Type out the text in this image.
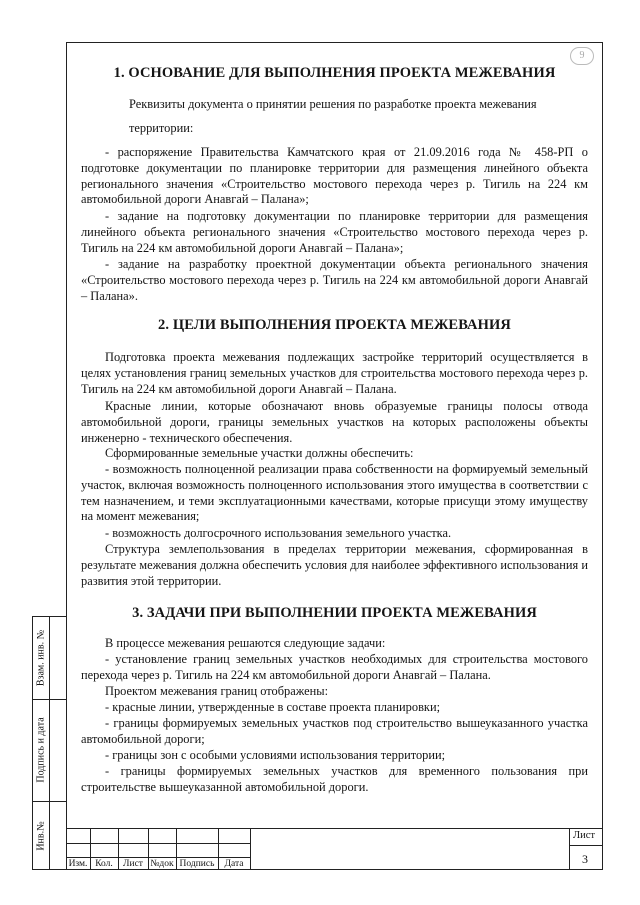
9
1. ОСНОВАНИЕ ДЛЯ ВЫПОЛНЕНИЯ ПРОЕКТА МЕЖЕВАНИЯ

Реквизиты документа о принятии решения по разработке проекта межевания

территории:

- распоряжение Правительства Камчатского края от 21.09.2016 года № 458-РП о подготовке документации по планировке территории для размещения линейного объекта регионального значения «Строительство мостового перехода через р. Тигиль на 224 км автомобильной дороги Анавгай – Палана»;

- задание на подготовку документации по планировке территории для размещения линейного объекта регионального значения «Строительство мостового перехода через р. Тигиль на 224 км автомобильной дороги Анавгай – Палана»;

- задание на разработку проектной документации объекта регионального значения «Строительство мостового перехода через р. Тигиль на 224 км автомобильной дороги Анавгай – Палана».

2. ЦЕЛИ ВЫПОЛНЕНИЯ ПРОЕКТА МЕЖЕВАНИЯ

Подготовка проекта межевания подлежащих застройке территорий осуществляется в целях установления границ земельных участков для строительства мостового перехода через р. Тигиль на 224 км автомобильной дороги Анавгай – Палана.

Красные линии, которые обозначают вновь образуемые границы полосы отвода автомобильной дороги, границы земельных участков на которых расположены объекты инженерно - технического обеспечения.

Сформированные земельные участки должны обеспечить:

- возможность полноценной реализации права собственности на формируемый земельный участок, включая возможность полноценного использования этого имущества в соответствии с тем назначением, и теми эксплуатационными качествами, которые присущи этому имуществу на момент межевания;

- возможность долгосрочного использования земельного участка.

Структура землепользования в пределах территории межевания, сформированная в результате межевания должна обеспечить условия для наиболее эффективного использования и развития этой территории.

3. ЗАДАЧИ ПРИ ВЫПОЛНЕНИИ ПРОЕКТА МЕЖЕВАНИЯ

В процессе межевания решаются следующие задачи:

- установление границ земельных участков необходимых для строительства мостового перехода через р. Тигиль на 224 км автомобильной дороги Анавгай – Палана.

Проектом межевания границ отображены:

- красные линии, утвержденные в составе проекта планировки;

- границы формируемых земельных участков под строительство вышеуказанного участка автомобильной дороги;

- границы зон с особыми условиями использования территории;

- границы формируемых земельных участков для временного пользования при строительстве вышеуказанной автомобильной дороги.

Взам. инв. №
Подпись и дата
Инв.№
Изм. Кол.	Лист №док Подпись	Дата
Лист
3
